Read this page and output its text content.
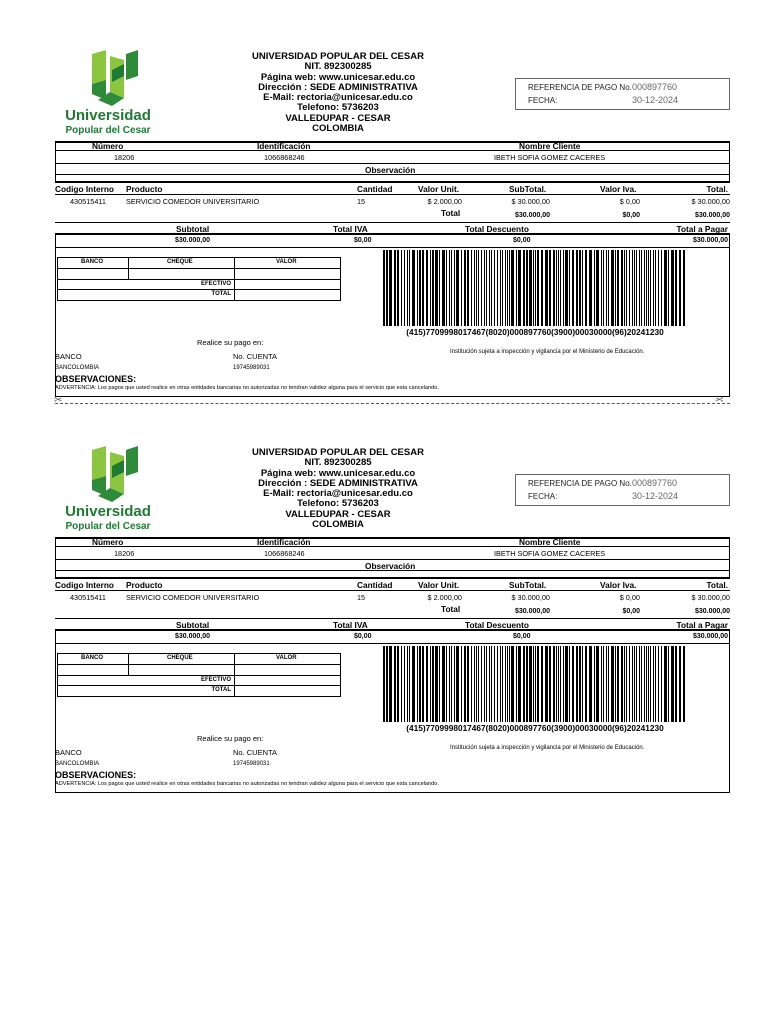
Universidad
Popular del Cesar
UNIVERSIDAD POPULAR DEL CESAR
NIT. 892300285
Página web: www.unicesar.edu.co
Dirección : SEDE ADMINISTRATIVA
E-Mail: rectoria@unicesar.edu.co
Telefono: 5736203
VALLEDUPAR - CESAR
COLOMBIA
REFERENCIA DE PAGO No. 000897760
FECHA:	30-12-2024
Número	Identificación	Nombre Cliente
18206	1066868246	IBETH SOFIA GOMEZ CACERES
Observación
Codigo Interno Producto	Cantidad	Valor Unit.	SubTotal.	Valor Iva.	Total.
430515411	SERVICIO COMEDOR UNIVERSITARIO	15	$ 2.000,00	$ 30.000,00	$ 0,00	$ 30.000,00
Total	$30.000,00	$0,00	$30.000,00
Subtotal	Total IVA	Total Descuento	Total a Pagar
$30.000,00	$0,00	$0,00	$30.000,00
BANCO	CHEQUE	VALOR
EFECTIVO
TOTAL
(415)7709998017467(8020)000897760(3900)00030000(96)20241230
Realice su pago en:
BANCO	No. CUENTA	Institución sujeta a inspección y vigilancia por el Ministerio de Educación.
BANCOLOMBIA	19745989031
OBSERVACIONES:
ADVERTENCIA: Los pagos que usted realice en otras entidades bancarias no autorizadas no tendran validez alguna para el servicio que esta cancelando.
Universidad
Popular del Cesar
UNIVERSIDAD POPULAR DEL CESAR
NIT. 892300285
Página web: www.unicesar.edu.co
Dirección : SEDE ADMINISTRATIVA
E-Mail: rectoria@unicesar.edu.co
Telefono: 5736203
VALLEDUPAR - CESAR
COLOMBIA
REFERENCIA DE PAGO No. 000897760
FECHA:	30-12-2024
Número	Identificación	Nombre Cliente
18206	1066868246	IBETH SOFIA GOMEZ CACERES
Observación
Codigo Interno Producto	Cantidad	Valor Unit.	SubTotal.	Valor Iva.	Total.
430515411	SERVICIO COMEDOR UNIVERSITARIO	15	$ 2.000,00	$ 30.000,00	$ 0,00	$ 30.000,00
Total	$30.000,00	$0,00	$30.000,00
Subtotal	Total IVA	Total Descuento	Total a Pagar
$30.000,00	$0,00	$0,00	$30.000,00
BANCO	CHEQUE	VALOR
EFECTIVO
TOTAL
(415)7709998017467(8020)000897760(3900)00030000(96)20241230
Realice su pago en:
BANCO	No. CUENTA	Institución sujeta a inspección y vigilancia por el Ministerio de Educación.
BANCOLOMBIA	19745989031
OBSERVACIONES:
ADVERTENCIA: Los pagos que usted realice en otras entidades bancarias no autorizadas no tendran validez alguna para el servicio que esta cancelando.
✂	✂
